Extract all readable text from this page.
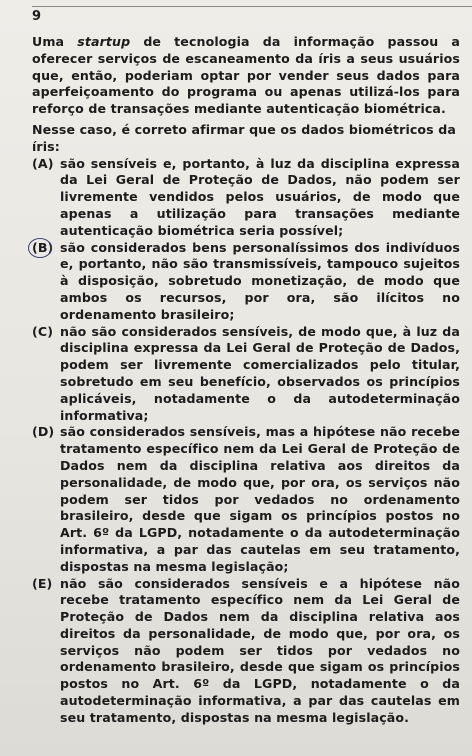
9

Uma startup de tecnologia da informação passou a oferecer serviços de escaneamento da íris a seus usuários que, então, poderiam optar por vender seus dados para aperfeiçoamento do programa ou apenas utilizá-los para reforço de transações mediante autenticação biométrica.

Nesse caso, é correto afirmar que os dados biométricos da íris:

(A) são sensíveis e, portanto, à luz da disciplina expressa da Lei Geral de Proteção de Dados, não podem ser livremente vendidos pelos usuários, de modo que apenas a utilização para transações mediante autenticação biométrica seria possível;
(B) são considerados bens personalíssimos dos indivíduos e, portanto, não são transmissíveis, tampouco sujeitos à disposição, sobretudo monetização, de modo que ambos os recursos, por ora, são ilícitos no ordenamento brasileiro;
(C) não são considerados sensíveis, de modo que, à luz da disciplina expressa da Lei Geral de Proteção de Dados, podem ser livremente comercializados pelo titular, sobretudo em seu benefício, observados os princípios aplicáveis, notadamente o da autodeterminação informativa;
(D) são considerados sensíveis, mas a hipótese não recebe tratamento específico nem da Lei Geral de Proteção de Dados nem da disciplina relativa aos direitos da personalidade, de modo que, por ora, os serviços não podem ser tidos por vedados no ordenamento brasileiro, desde que sigam os princípios postos no Art. 6º da LGPD, notadamente o da autodeterminação informativa, a par das cautelas em seu tratamento, dispostas na mesma legislação;
(E) não são considerados sensíveis e a hipótese não recebe tratamento específico nem da Lei Geral de Proteção de Dados nem da disciplina relativa aos direitos da personalidade, de modo que, por ora, os serviços não podem ser tidos por vedados no ordenamento brasileiro, desde que sigam os princípios postos no Art. 6º da LGPD, notadamente o da autodeterminação informativa, a par das cautelas em seu tratamento, dispostas na mesma legislação.
